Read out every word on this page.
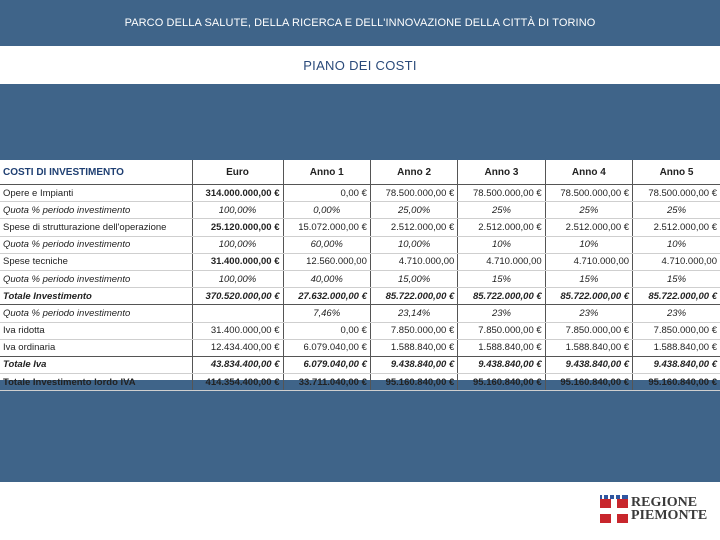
PARCO DELLA SALUTE, DELLA RICERCA E DELL'INNOVAZIONE DELLA CITTÀ DI TORINO
PIANO DEI COSTI
COSTI DI INVESTIMENTO	Euro	Anno 1	Anno 2	Anno 3	Anno 4	Anno 5
Opere e Impianti	314.000.000,00 €	0,00 €	78.500.000,00 €	78.500.000,00 €	78.500.000,00 €	78.500.000,00 €
Quota % periodo investimento	100,00%	0,00%	25,00%	25%	25%	25%
Spese di strutturazione dell'operazione	25.120.000,00 €	15.072.000,00 €	2.512.000,00 €	2.512.000,00 €	2.512.000,00 €	2.512.000,00 €
Quota % periodo investimento	100,00%	60,00%	10,00%	10%	10%	10%
Spese tecniche	31.400.000,00 €	12.560.000,00	4.710.000,00	4.710.000,00	4.710.000,00	4.710.000,00
Quota % periodo investimento	100,00%	40,00%	15,00%	15%	15%	15%
Totale Investimento	370.520.000,00 €	27.632.000,00 €	85.722.000,00 €	85.722.000,00 €	85.722.000,00 €	85.722.000,00 €
Quota % periodo investimento		7,46%	23,14%	23%	23%	23%
Iva ridotta	31.400.000,00 €	0,00 €	7.850.000,00 €	7.850.000,00 €	7.850.000,00 €	7.850.000,00 €
Iva ordinaria	12.434.400,00 €	6.079.040,00 €	1.588.840,00 €	1.588.840,00 €	1.588.840,00 €	1.588.840,00 €
Totale Iva	43.834.400,00 €	6.079.040,00 €	9.438.840,00 €	9.438.840,00 €	9.438.840,00 €	9.438.840,00 €
Totale Investimento lordo IVA	414.354.400,00 €	33.711.040,00 €	95.160.840,00 €	95.160.840,00 €	95.160.840,00 €	95.160.840,00 €
REGIONE
PIEMONTE
